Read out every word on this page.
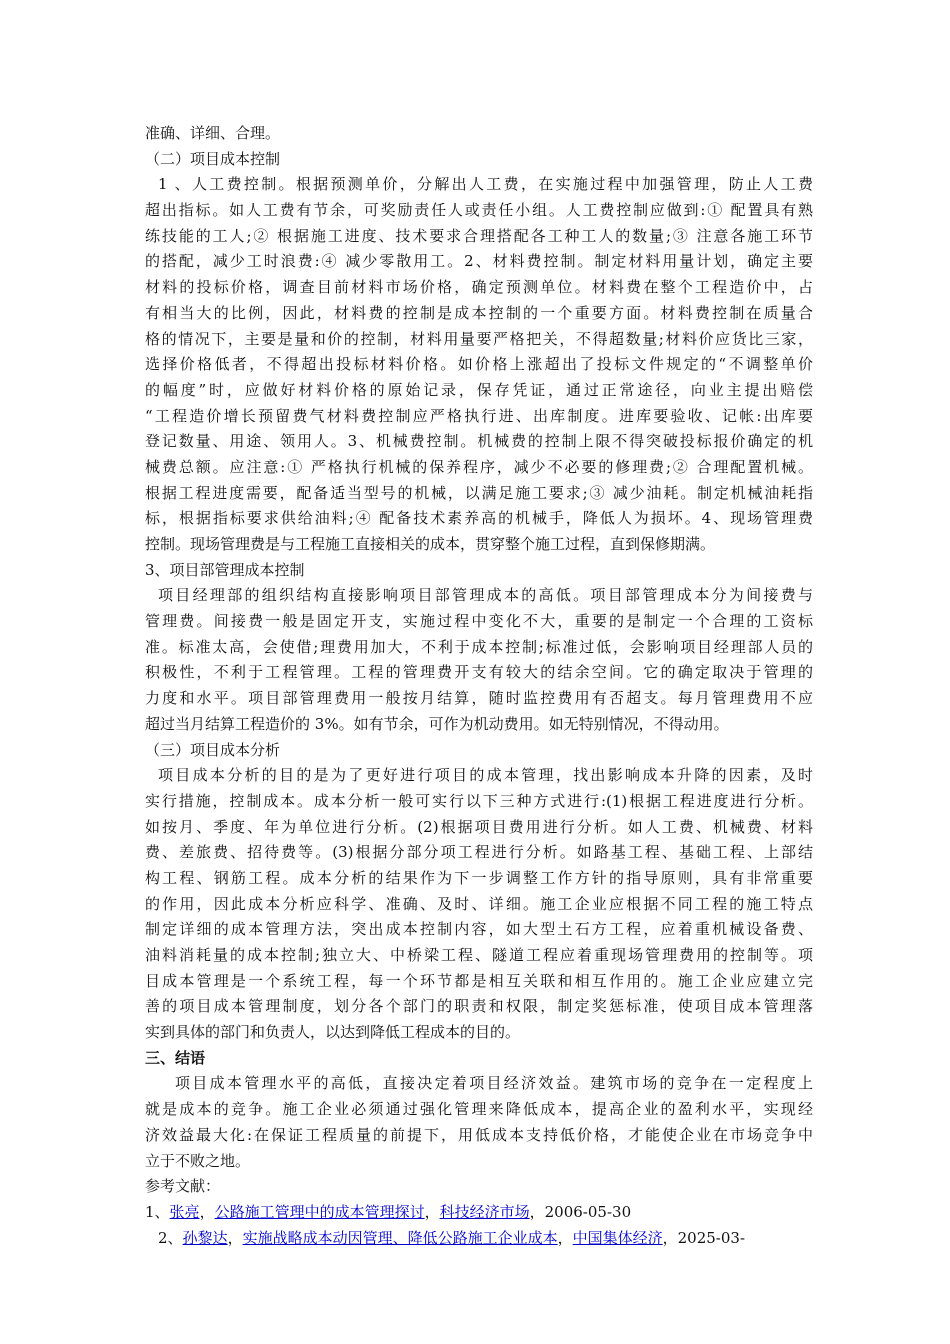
准确、详细、合理。
（二）项目成本控制
1 、人工费控制。根据预测单价，分解出人工费，在实施过程中加强管理，防止人工费
超出指标。如人工费有节余，可奖励责任人或责任小组。人工费控制应做到:① 配置具有熟
练技能的工人;② 根据施工进度、技术要求合理搭配各工种工人的数量;③ 注意各施工环节
的搭配，减少工时浪费:④ 减少零散用工。2、材料费控制。制定材料用量计划，确定主要
材料的投标价格，调查目前材料市场价格，确定预测单位。材料费在整个工程造价中，占
有相当大的比例，因此，材料费的控制是成本控制的一个重要方面。材料费控制在质量合
格的情况下，主要是量和价的控制，材料用量要严格把关，不得超数量;材料价应货比三家，
选择价格低者，不得超出投标材料价格。如价格上涨超出了投标文件规定的“不调整单价
的幅度”时，应做好材料价格的原始记录，保存凭证，通过正常途径，向业主提出赔偿
“工程造价增长预留费气材料费控制应严格执行进、出库制度。进库要验收、记帐:出库要
登记数量、用途、领用人。3、机械费控制。机械费的控制上限不得突破投标报价确定的机
械费总额。应注意:① 严格执行机械的保养程序，减少不必要的修理费;② 合理配置机械。
根据工程进度需要，配备适当型号的机械，以满足施工要求;③ 减少油耗。制定机械油耗指
标，根据指标要求供给油料;④ 配备技术素养高的机械手，降低人为损坏。4、现场管理费
控制。现场管理费是与工程施工直接相关的成本，贯穿整个施工过程，直到保修期满。
3、项目部管理成本控制
项目经理部的组织结构直接影响项目部管理成本的高低。项目部管理成本分为间接费与
管理费。间接费一般是固定开支，实施过程中变化不大，重要的是制定一个合理的工资标
准。标准太高，会使借;理费用加大，不利于成本控制;标准过低，会影响项目经理部人员的
积极性，不利于工程管理。工程的管理费开支有较大的结余空间。它的确定取决于管理的
力度和水平。项目部管理费用一般按月结算，随时监控费用有否超支。每月管理费用不应
超过当月结算工程造价的 3%。如有节余，可作为机动费用。如无特别情况，不得动用。
（三）项目成本分析
项目成本分析的目的是为了更好进行项目的成本管理，找出影响成本升降的因素，及时
实行措施，控制成本。成本分析一般可实行以下三种方式进行:(1)根据工程进度进行分析。
如按月、季度、年为单位进行分析。(2)根据项目费用进行分析。如人工费、机械费、材料
费、差旅费、招待费等。(3)根据分部分项工程进行分析。如路基工程、基础工程、上部结
构工程、钢筋工程。成本分析的结果作为下一步调整工作方针的指导原则，具有非常重要
的作用，因此成本分析应科学、准确、及时、详细。施工企业应根据不同工程的施工特点
制定详细的成本管理方法，突出成本控制内容，如大型土石方工程，应着重机械设备费、
油料消耗量的成本控制;独立大、中桥梁工程、隧道工程应着重现场管理费用的控制等。项
目成本管理是一个系统工程，每一个环节都是相互关联和相互作用的。施工企业应建立完
善的项目成本管理制度，划分各个部门的职责和权限，制定奖惩标准，使项目成本管理落
实到具体的部门和负责人，以达到降低工程成本的目的。
三、结语
项目成本管理水平的高低，直接决定着项目经济效益。建筑市场的竞争在一定程度上
就是成本的竞争。施工企业必须通过强化管理来降低成本，提高企业的盈利水平，实现经
济效益最大化:在保证工程质量的前提下，用低成本支持低价格，才能使企业在市场竞争中
立于不败之地。
参考文献：
1、张亮，公路施工管理中的成本管理探讨，科技经济市场，2006-05-30
2、孙黎达，实施战略成本动因管理、降低公路施工企业成本，中国集体经济，2025-03-
